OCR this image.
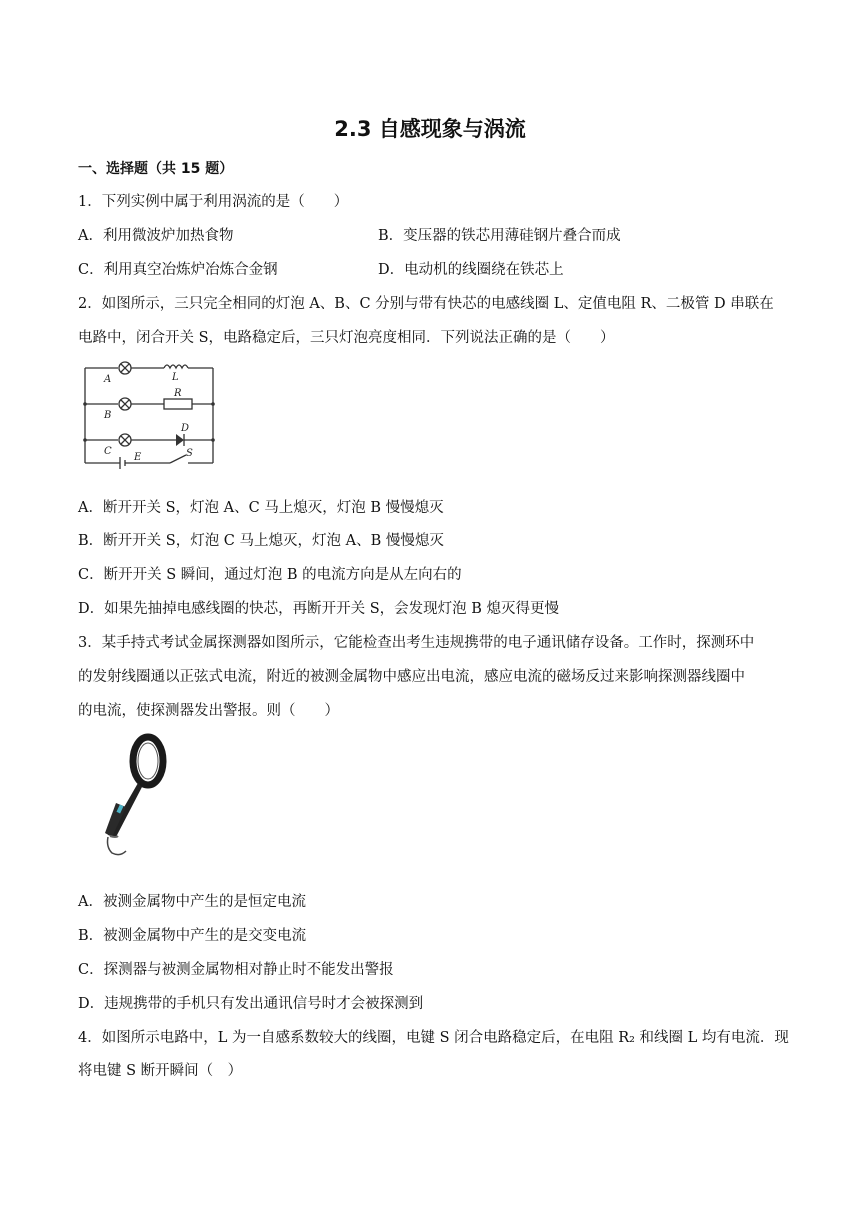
2.3 自感现象与涡流
一、选择题（共 15 题）
1．下列实例中属于利用涡流的是（　　）
A．利用微波炉加热食物	B．变压器的铁芯用薄硅钢片叠合而成
C．利用真空冶炼炉冶炼合金钢	D．电动机的线圈绕在铁芯上
2．如图所示，三只完全相同的灯泡 A、B、C 分别与带有快芯的电感线圈 L、定值电阻 R、二极管 D 串联在
电路中，闭合开关 S，电路稳定后，三只灯泡亮度相同．下列说法正确的是（　　）
A
B
C
L
R
D
E	S
A．断开开关 S，灯泡 A、C 马上熄灭，灯泡 B 慢慢熄灭
B．断开开关 S，灯泡 C 马上熄灭，灯泡 A、B 慢慢熄灭
C．断开开关 S 瞬间，通过灯泡 B 的电流方向是从左向右的
D．如果先抽掉电感线圈的快芯，再断开开关 S，会发现灯泡 B 熄灭得更慢
3．某手持式考试金属探测器如图所示，它能检查出考生违规携带的电子通讯储存设备。工作时，探测环中
的发射线圈通以正弦式电流，附近的被测金属物中感应出电流，感应电流的磁场反过来影响探测器线圈中
的电流，使探测器发出警报。则（　　）
A．被测金属物中产生的是恒定电流
B．被测金属物中产生的是交变电流
C．探测器与被测金属物相对静止时不能发出警报
D．违规携带的手机只有发出通讯信号时才会被探测到
4．如图所示电路中，L 为一自感系数较大的线圈，电键 S 闭合电路稳定后，在电阻 R₂ 和线圈 L 均有电流．现
将电键 S 断开瞬间（　）
